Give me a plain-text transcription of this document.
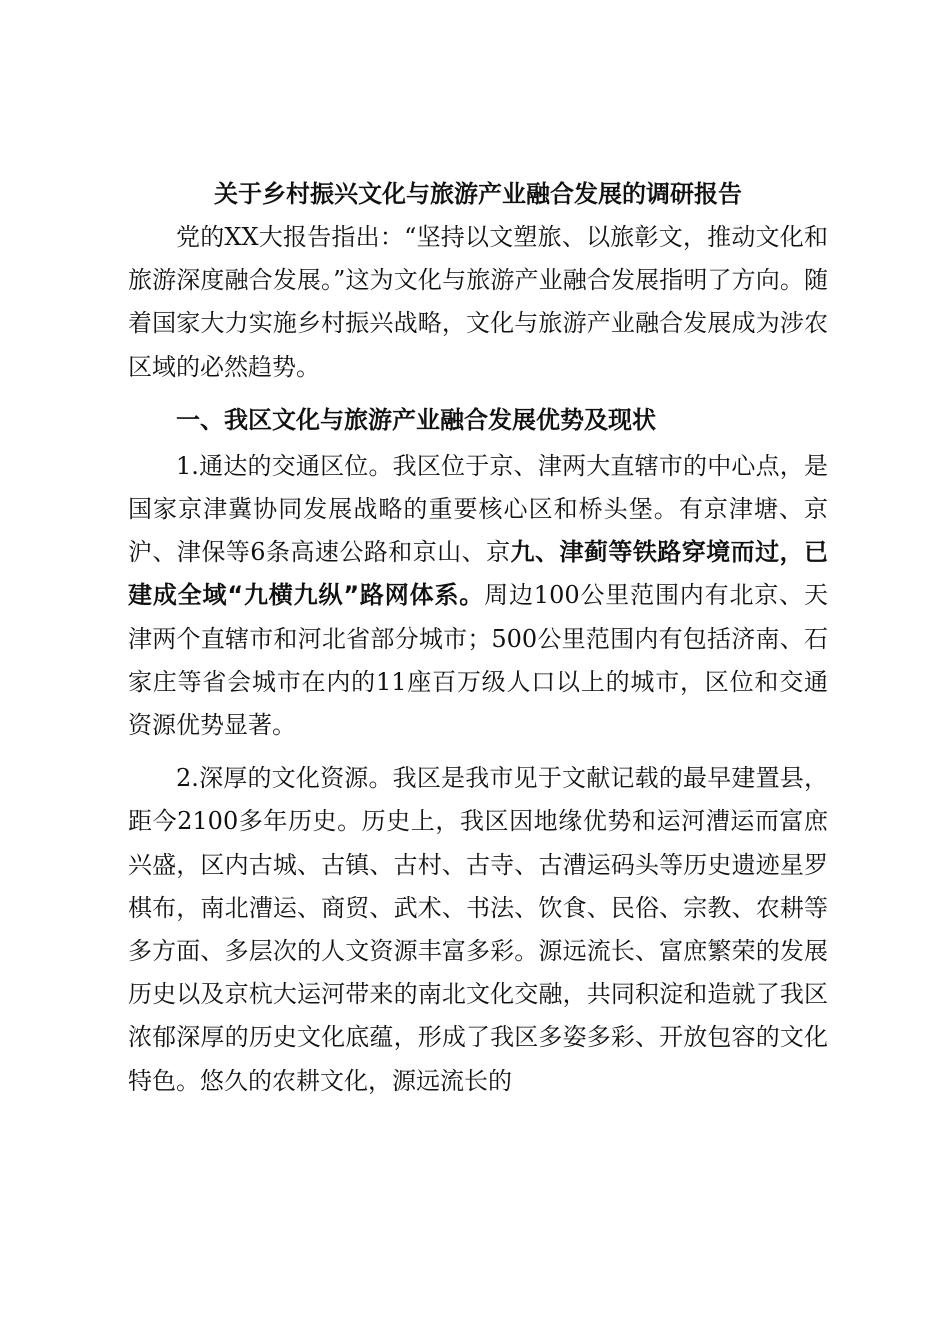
关于乡村振兴文化与旅游产业融合发展的调研报告

党的XX大报告指出：“坚持以文塑旅、以旅彰文，推动文化和旅游深度融合发展。”这为文化与旅游产业融合发展指明了方向。随着国家大力实施乡村振兴战略，文化与旅游产业融合发展成为涉农区域的必然趋势。

一、我区文化与旅游产业融合发展优势及现状

1.通达的交通区位。我区位于京、津两大直辖市的中心点，是国家京津冀协同发展战略的重要核心区和桥头堡。有京津塘、京沪、津保等6条高速公路和京山、京九、津蓟等铁路穿境而过，已建成全域“九横九纵”路网体系。周边100公里范围内有北京、天津两个直辖市和河北省部分城市；500公里范围内有包括济南、石家庄等省会城市在内的11座百万级人口以上的城市，区位和交通资源优势显著。

2.深厚的文化资源。我区是我市见于文献记载的最早建置县，距今2100多年历史。历史上，我区因地缘优势和运河漕运而富庶兴盛，区内古城、古镇、古村、古寺、古漕运码头等历史遗迹星罗棋布，南北漕运、商贸、武术、书法、饮食、民俗、宗教、农耕等多方面、多层次的人文资源丰富多彩。源远流长、富庶繁荣的发展历史以及京杭大运河带来的南北文化交融，共同积淀和造就了我区浓郁深厚的历史文化底蕴，形成了我区多姿多彩、开放包容的文化特色。悠久的农耕文化，源远流长的
